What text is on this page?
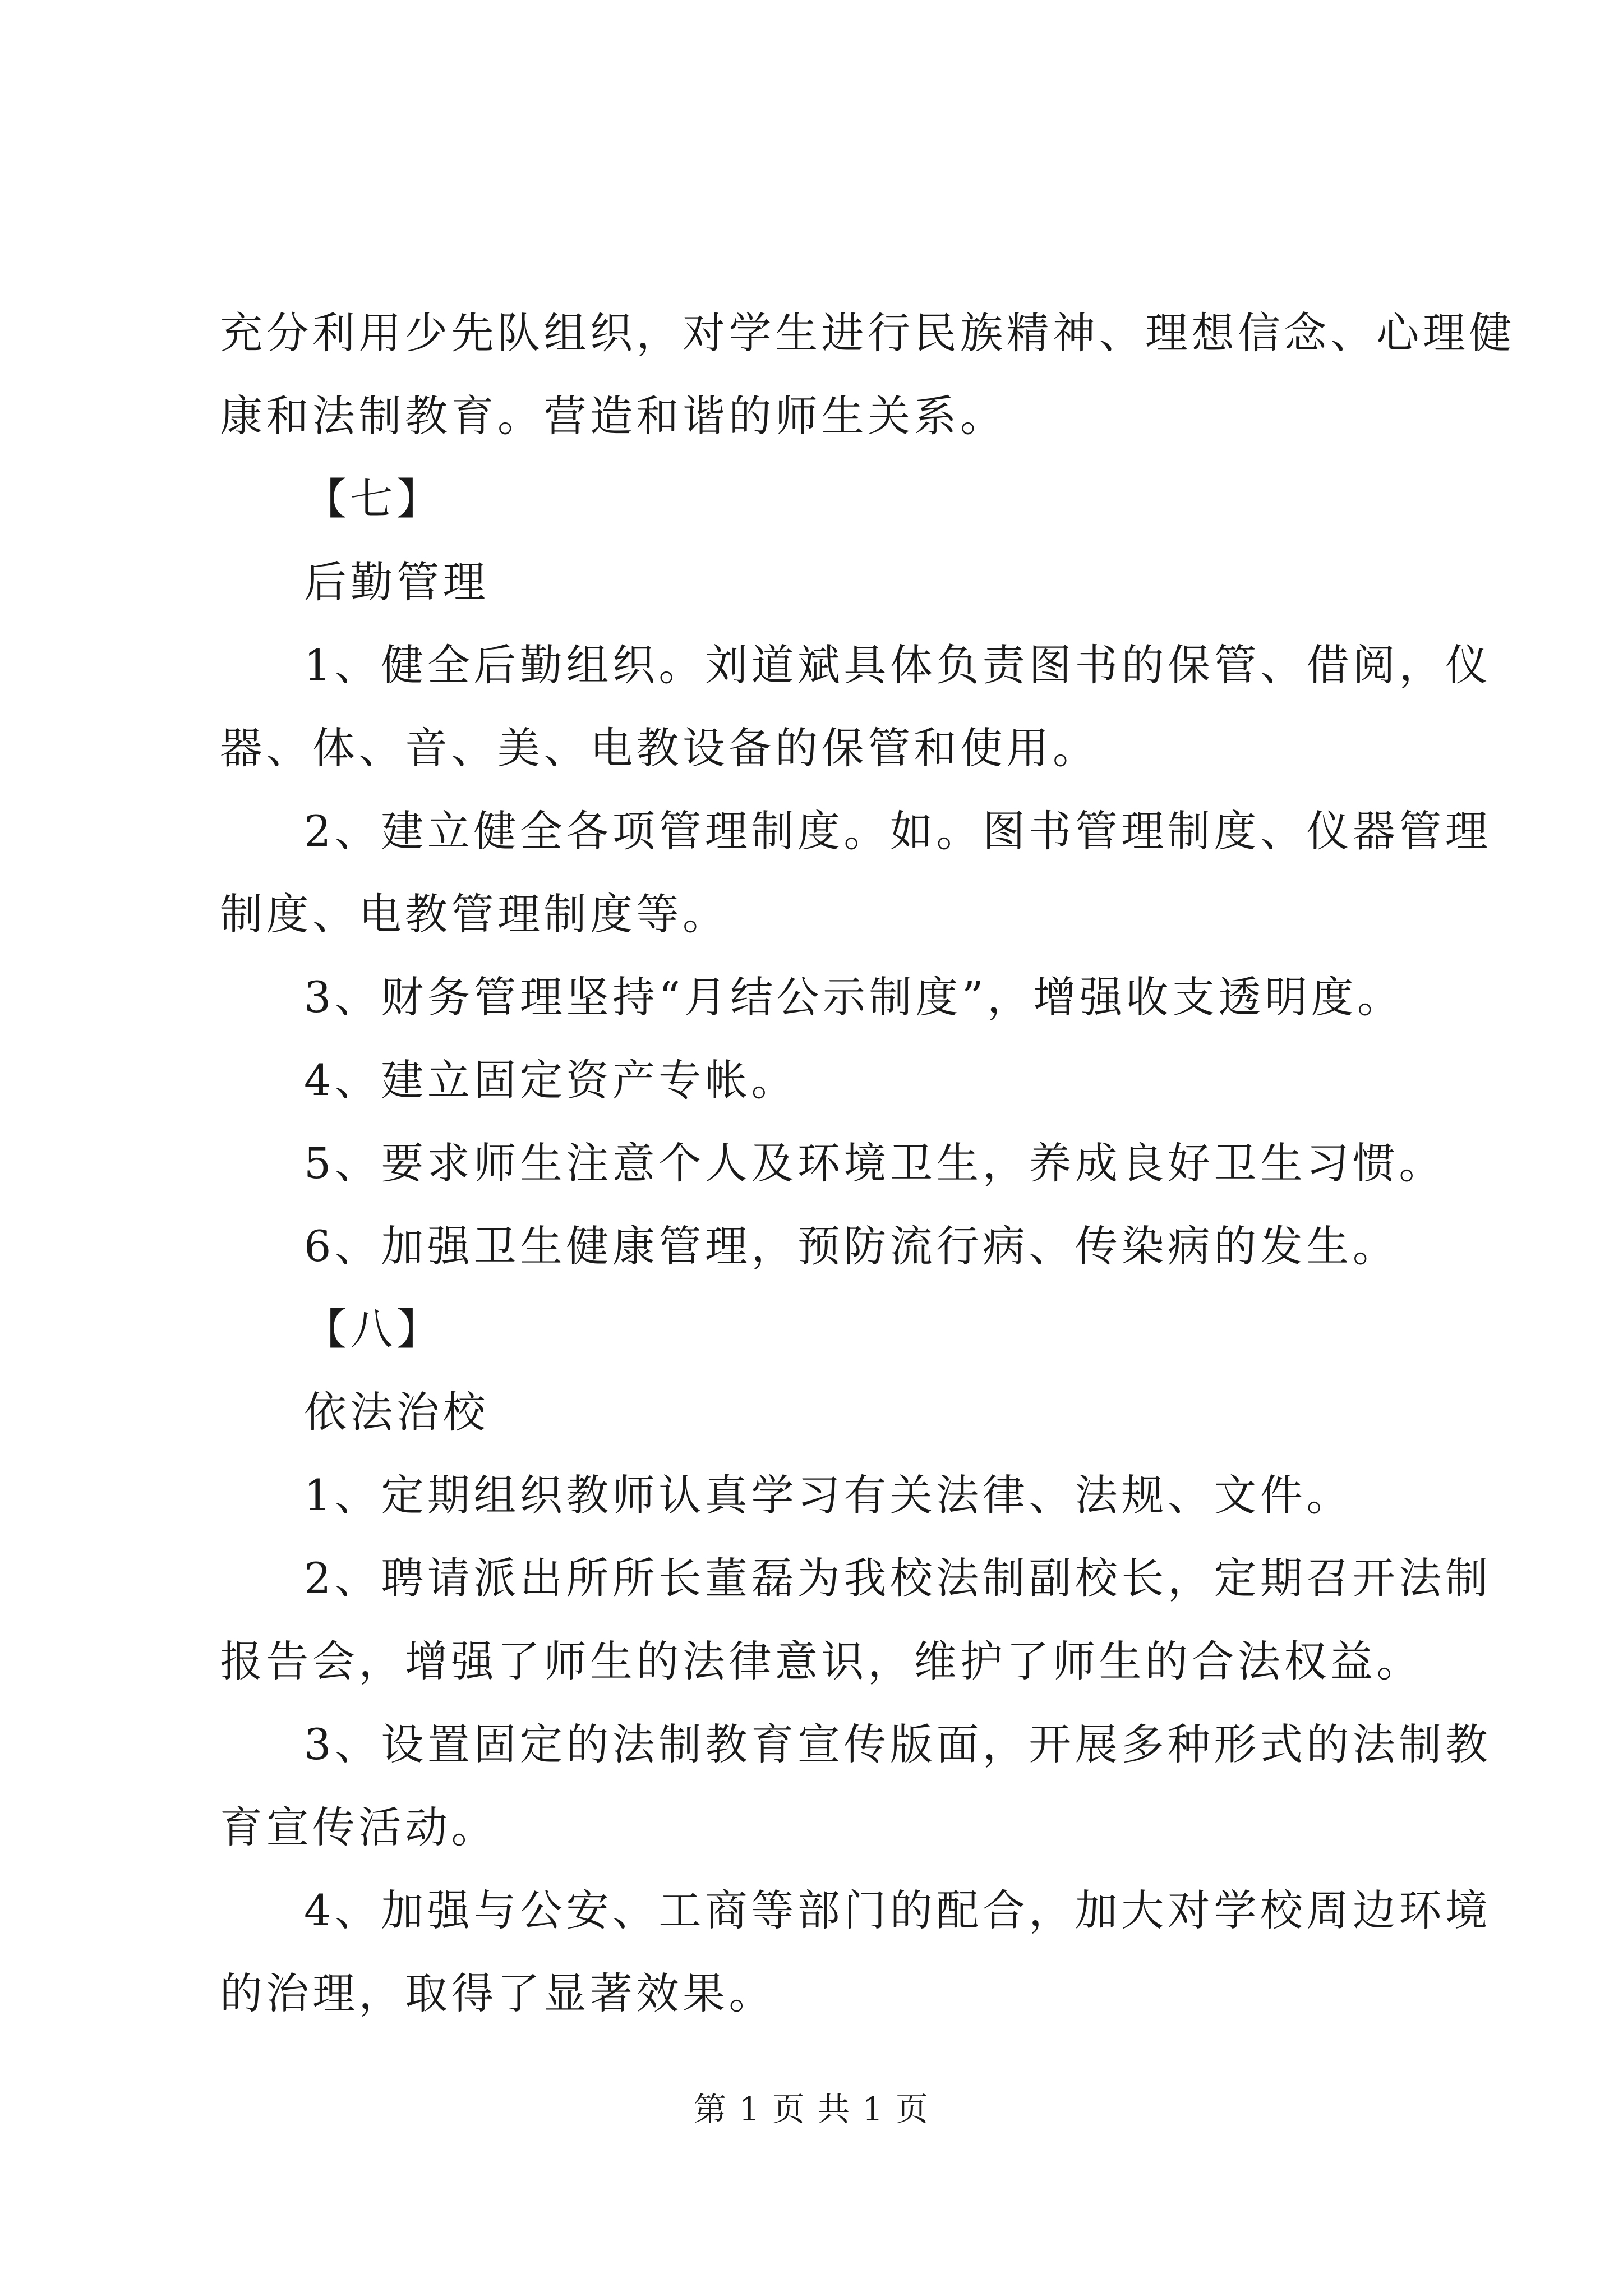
充分利用少先队组织，对学生进行民族精神、理想信念、心理健
康和法制教育。营造和谐的师生关系。
【七】
后勤管理
1、健全后勤组织。刘道斌具体负责图书的保管、借阅，仪
器、体、音、美、电教设备的保管和使用。
2、建立健全各项管理制度。如。图书管理制度、仪器管理
制度、电教管理制度等。
3、财务管理坚持“月结公示制度”，增强收支透明度。
4、建立固定资产专帐。
5、要求师生注意个人及环境卫生，养成良好卫生习惯。
6、加强卫生健康管理，预防流行病、传染病的发生。
【八】
依法治校
1、定期组织教师认真学习有关法律、法规、文件。
2、聘请派出所所长董磊为我校法制副校长，定期召开法制
报告会，增强了师生的法律意识，维护了师生的合法权益。
3、设置固定的法制教育宣传版面，开展多种形式的法制教
育宣传活动。
4、加强与公安、工商等部门的配合，加大对学校周边环境
的治理，取得了显著效果。
第 1 页 共 1 页
